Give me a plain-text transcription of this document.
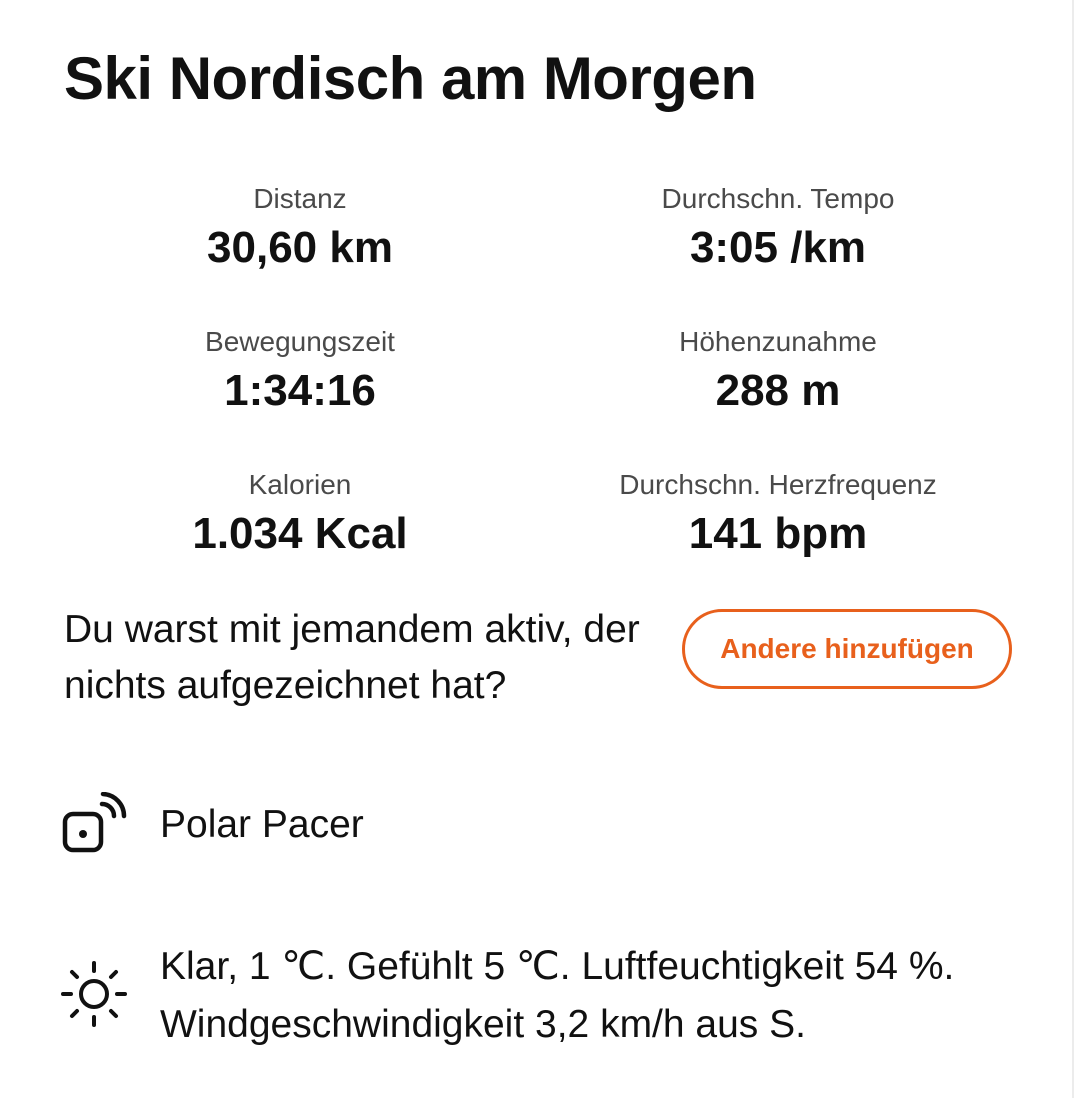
Ski Nordisch am Morgen
Distanz
30,60 km
Durchschn. Tempo
3:05 /km
Bewegungszeit
1:34:16
Höhenzunahme
288 m
Kalorien
1.034 Kcal
Durchschn. Herzfrequenz
141 bpm
Du warst mit jemandem aktiv, der nichts aufgezeichnet hat?
Andere hinzufügen
Polar Pacer
Klar, 1 ℃. Gefühlt 5 ℃. Luftfeuchtigkeit 54 %. Windgeschwindigkeit 3,2 km/h aus S.
